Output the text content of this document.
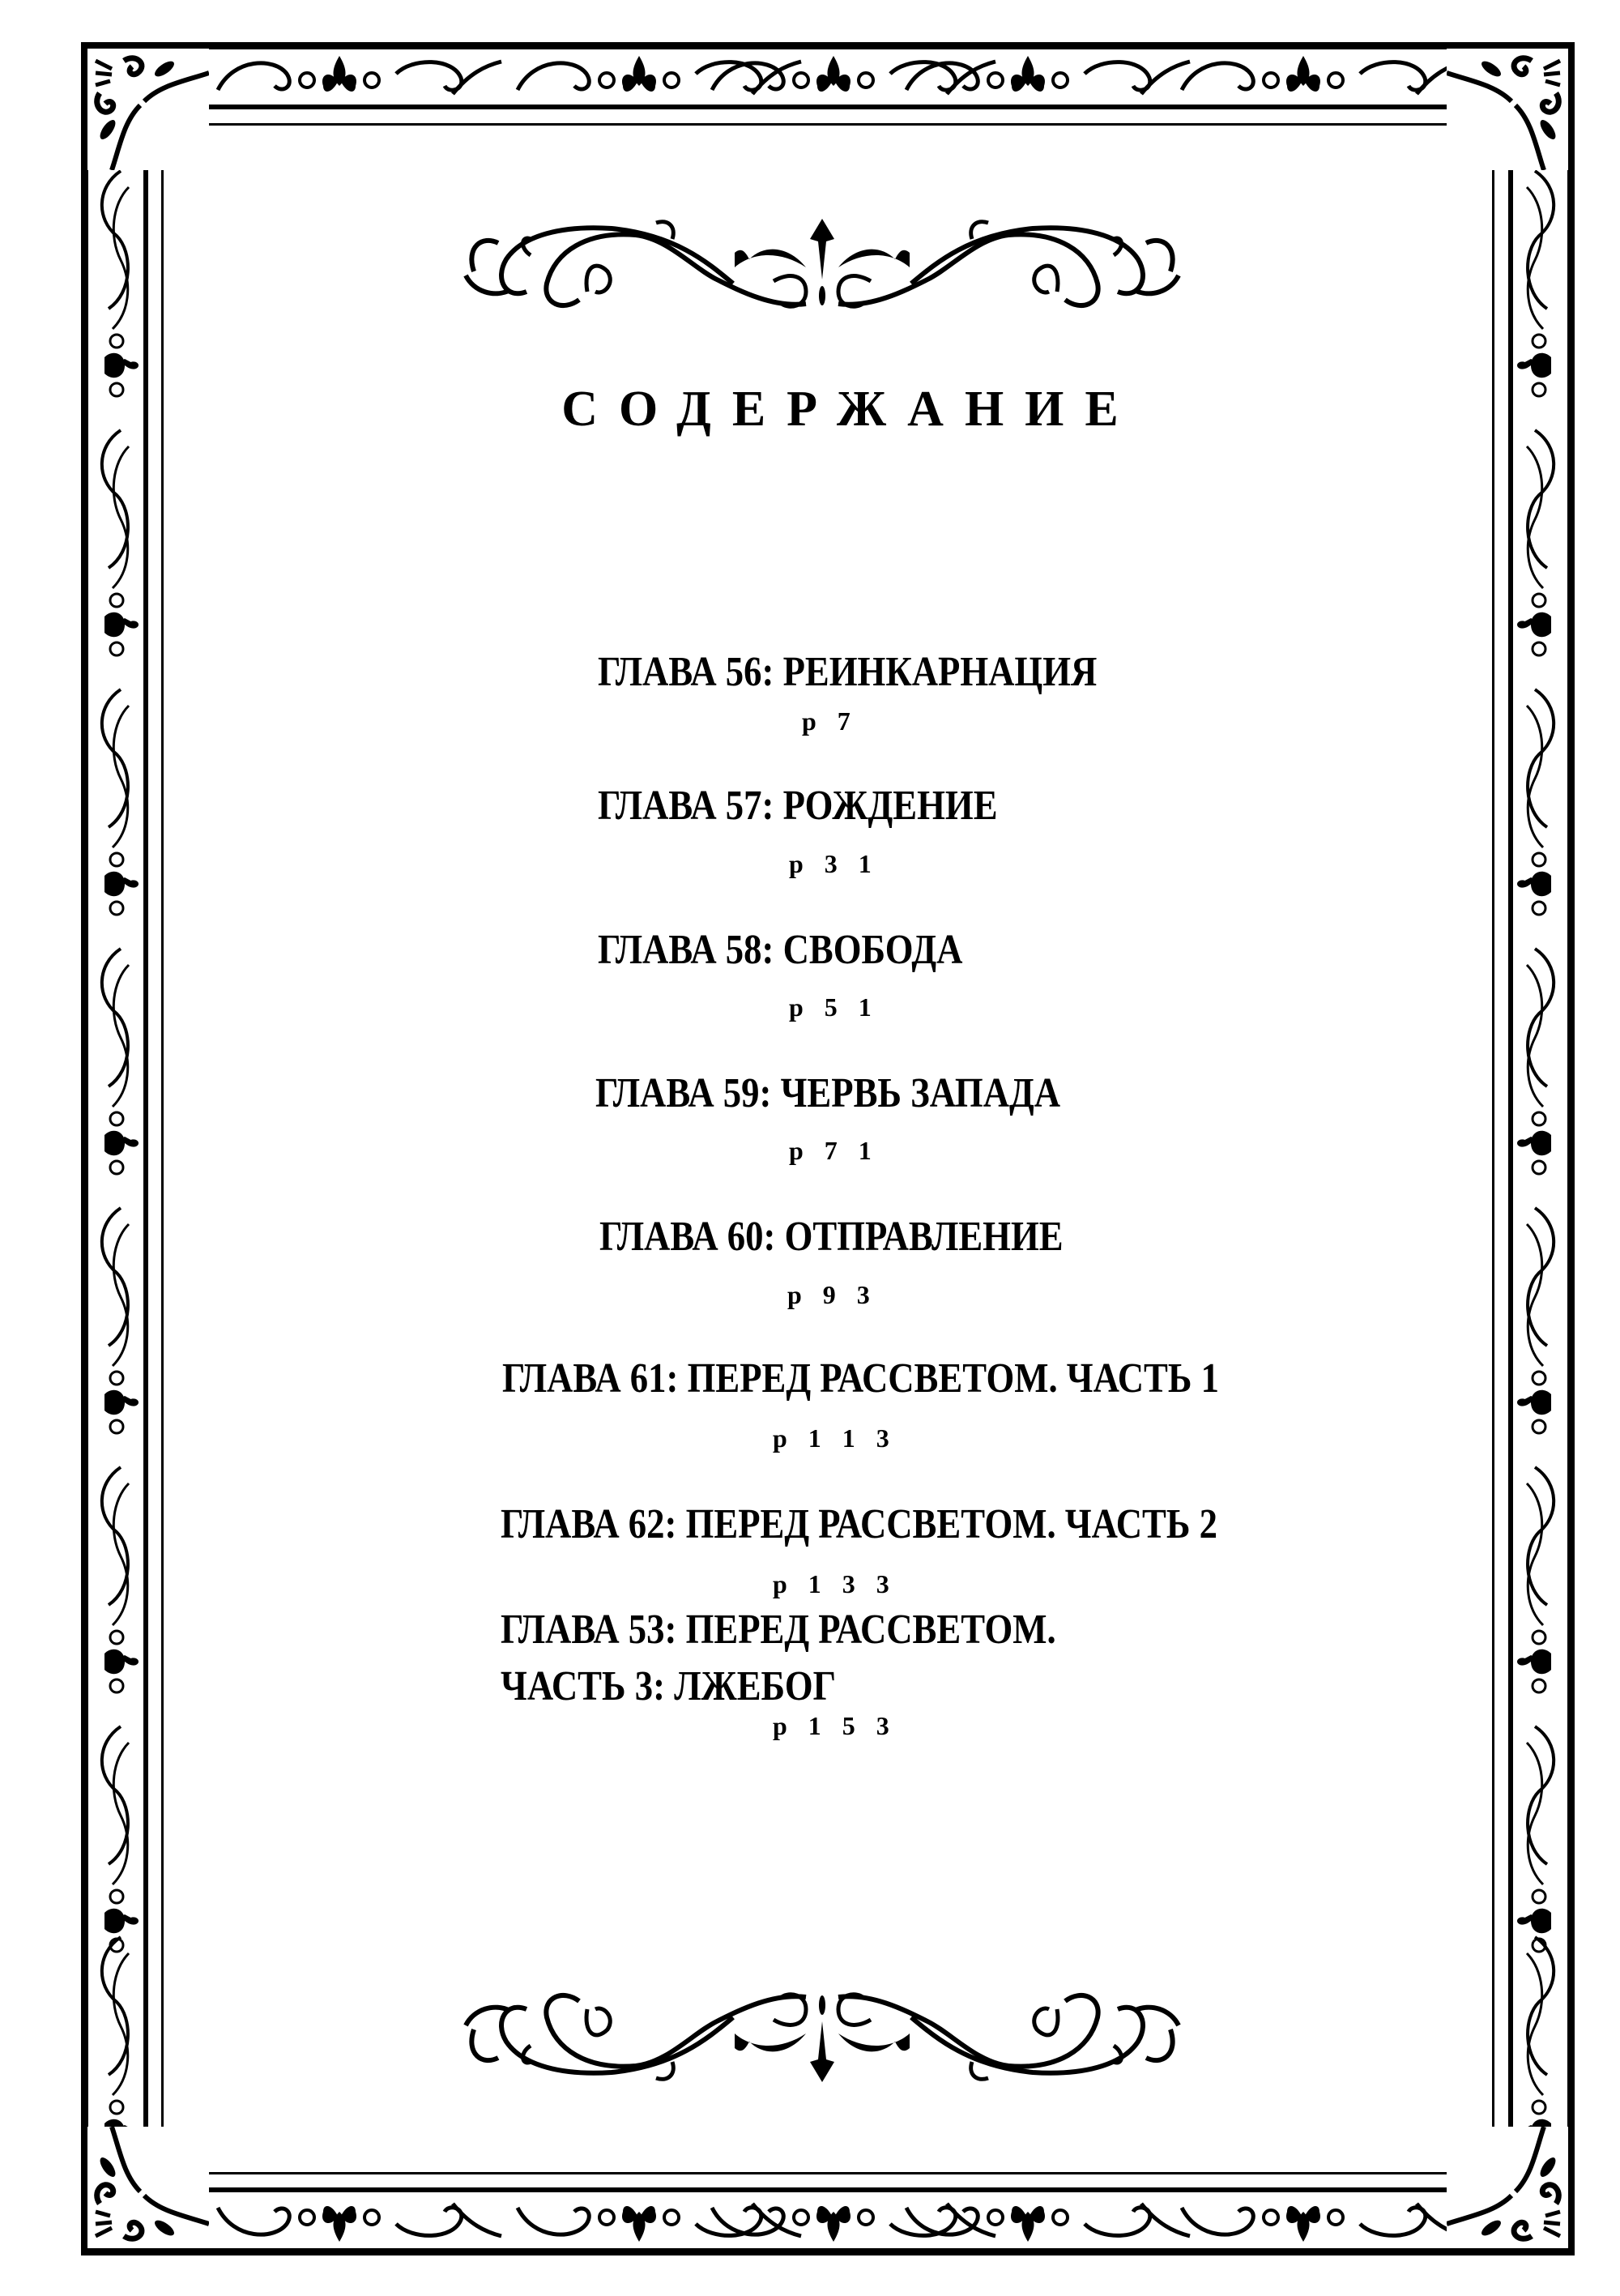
СОДЕРЖАНИЕ

ГЛАВА 56: РЕИНКАРНАЦИЯ

p 7

ГЛАВА 57: РОЖДЕНИЕ

p 3 1

ГЛАВА 58: СВОБОДА

p 5 1

ГЛАВА 59: ЧЕРВЬ ЗАПАДА

p 7 1

ГЛАВА 60: ОТПРАВЛЕНИЕ

p 9 3

ГЛАВА 61: ПЕРЕД РАССВЕТОМ. ЧАСТЬ 1

p 1 1 3

ГЛАВА 62: ПЕРЕД РАССВЕТОМ. ЧАСТЬ 2

p 1 3 3

ГЛАВА 53: ПЕРЕД РАССВЕТОМ.

ЧАСТЬ 3: ЛЖЕБОГ

p 1 5 3
